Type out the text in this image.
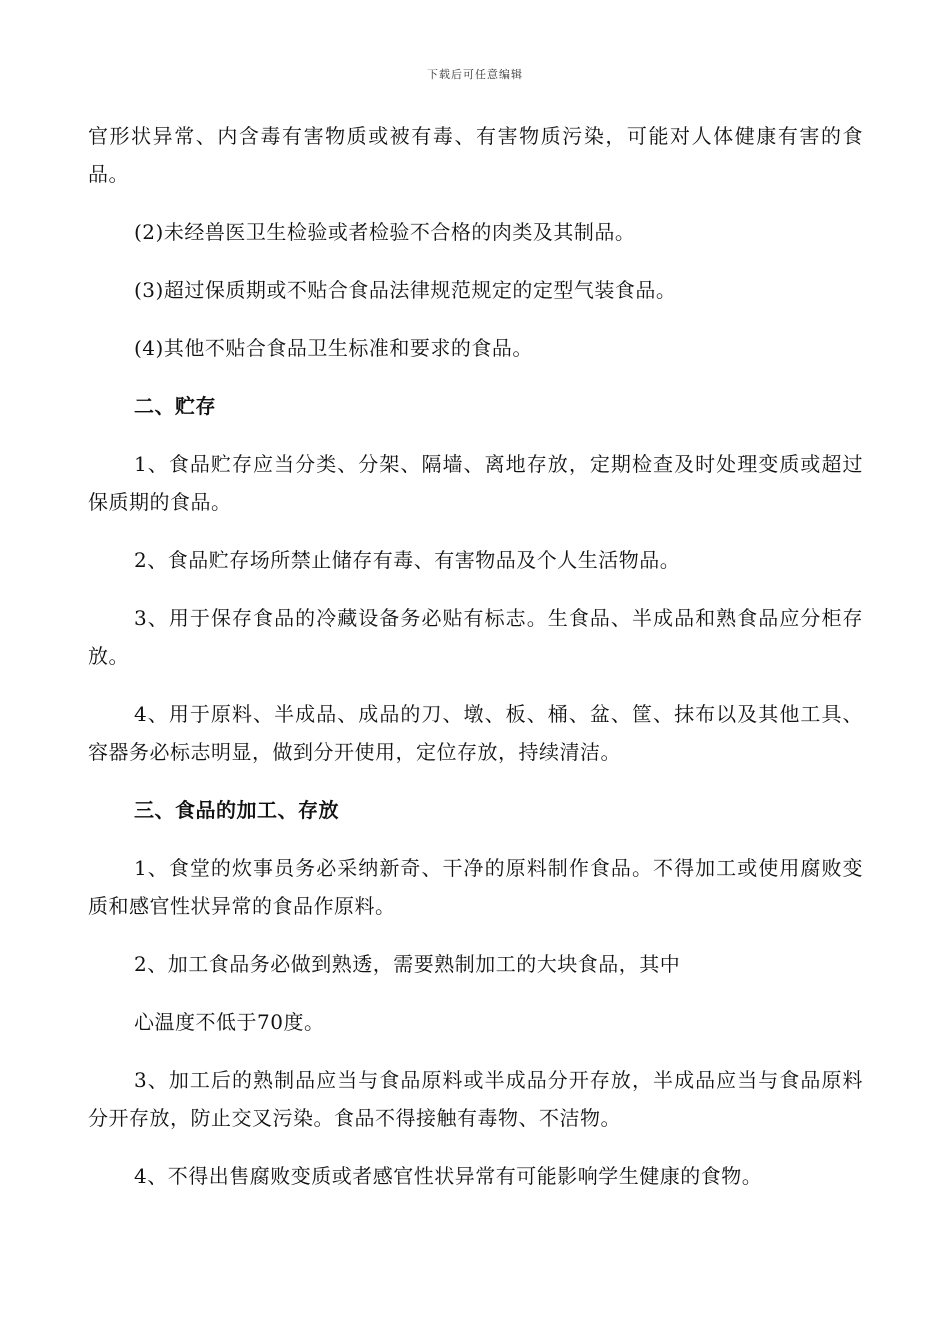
下载后可任意编辑

官形状异常、内含毒有害物质或被有毒、有害物质污染，可能对人体健康有害的食品。

(2)未经兽医卫生检验或者检验不合格的肉类及其制品。

(3)超过保质期或不贴合食品法律规范规定的定型气装食品。

(4)其他不贴合食品卫生标准和要求的食品。

二、贮存

1、食品贮存应当分类、分架、隔墙、离地存放，定期检查及时处理变质或超过保质期的食品。

2、食品贮存场所禁止储存有毒、有害物品及个人生活物品。

3、用于保存食品的冷藏设备务必贴有标志。生食品、半成品和熟食品应分柜存放。

4、用于原料、半成品、成品的刀、墩、板、桶、盆、筐、抹布以及其他工具、容器务必标志明显，做到分开使用，定位存放，持续清洁。

三、食品的加工、存放

1、食堂的炊事员务必采纳新奇、干净的原料制作食品。不得加工或使用腐败变质和感官性状异常的食品作原料。

2、加工食品务必做到熟透，需要熟制加工的大块食品，其中

心温度不低于70度。

3、加工后的熟制品应当与食品原料或半成品分开存放，半成品应当与食品原料分开存放，防止交叉污染。食品不得接触有毒物、不洁物。

4、不得出售腐败变质或者感官性状异常有可能影响学生健康的食物。
